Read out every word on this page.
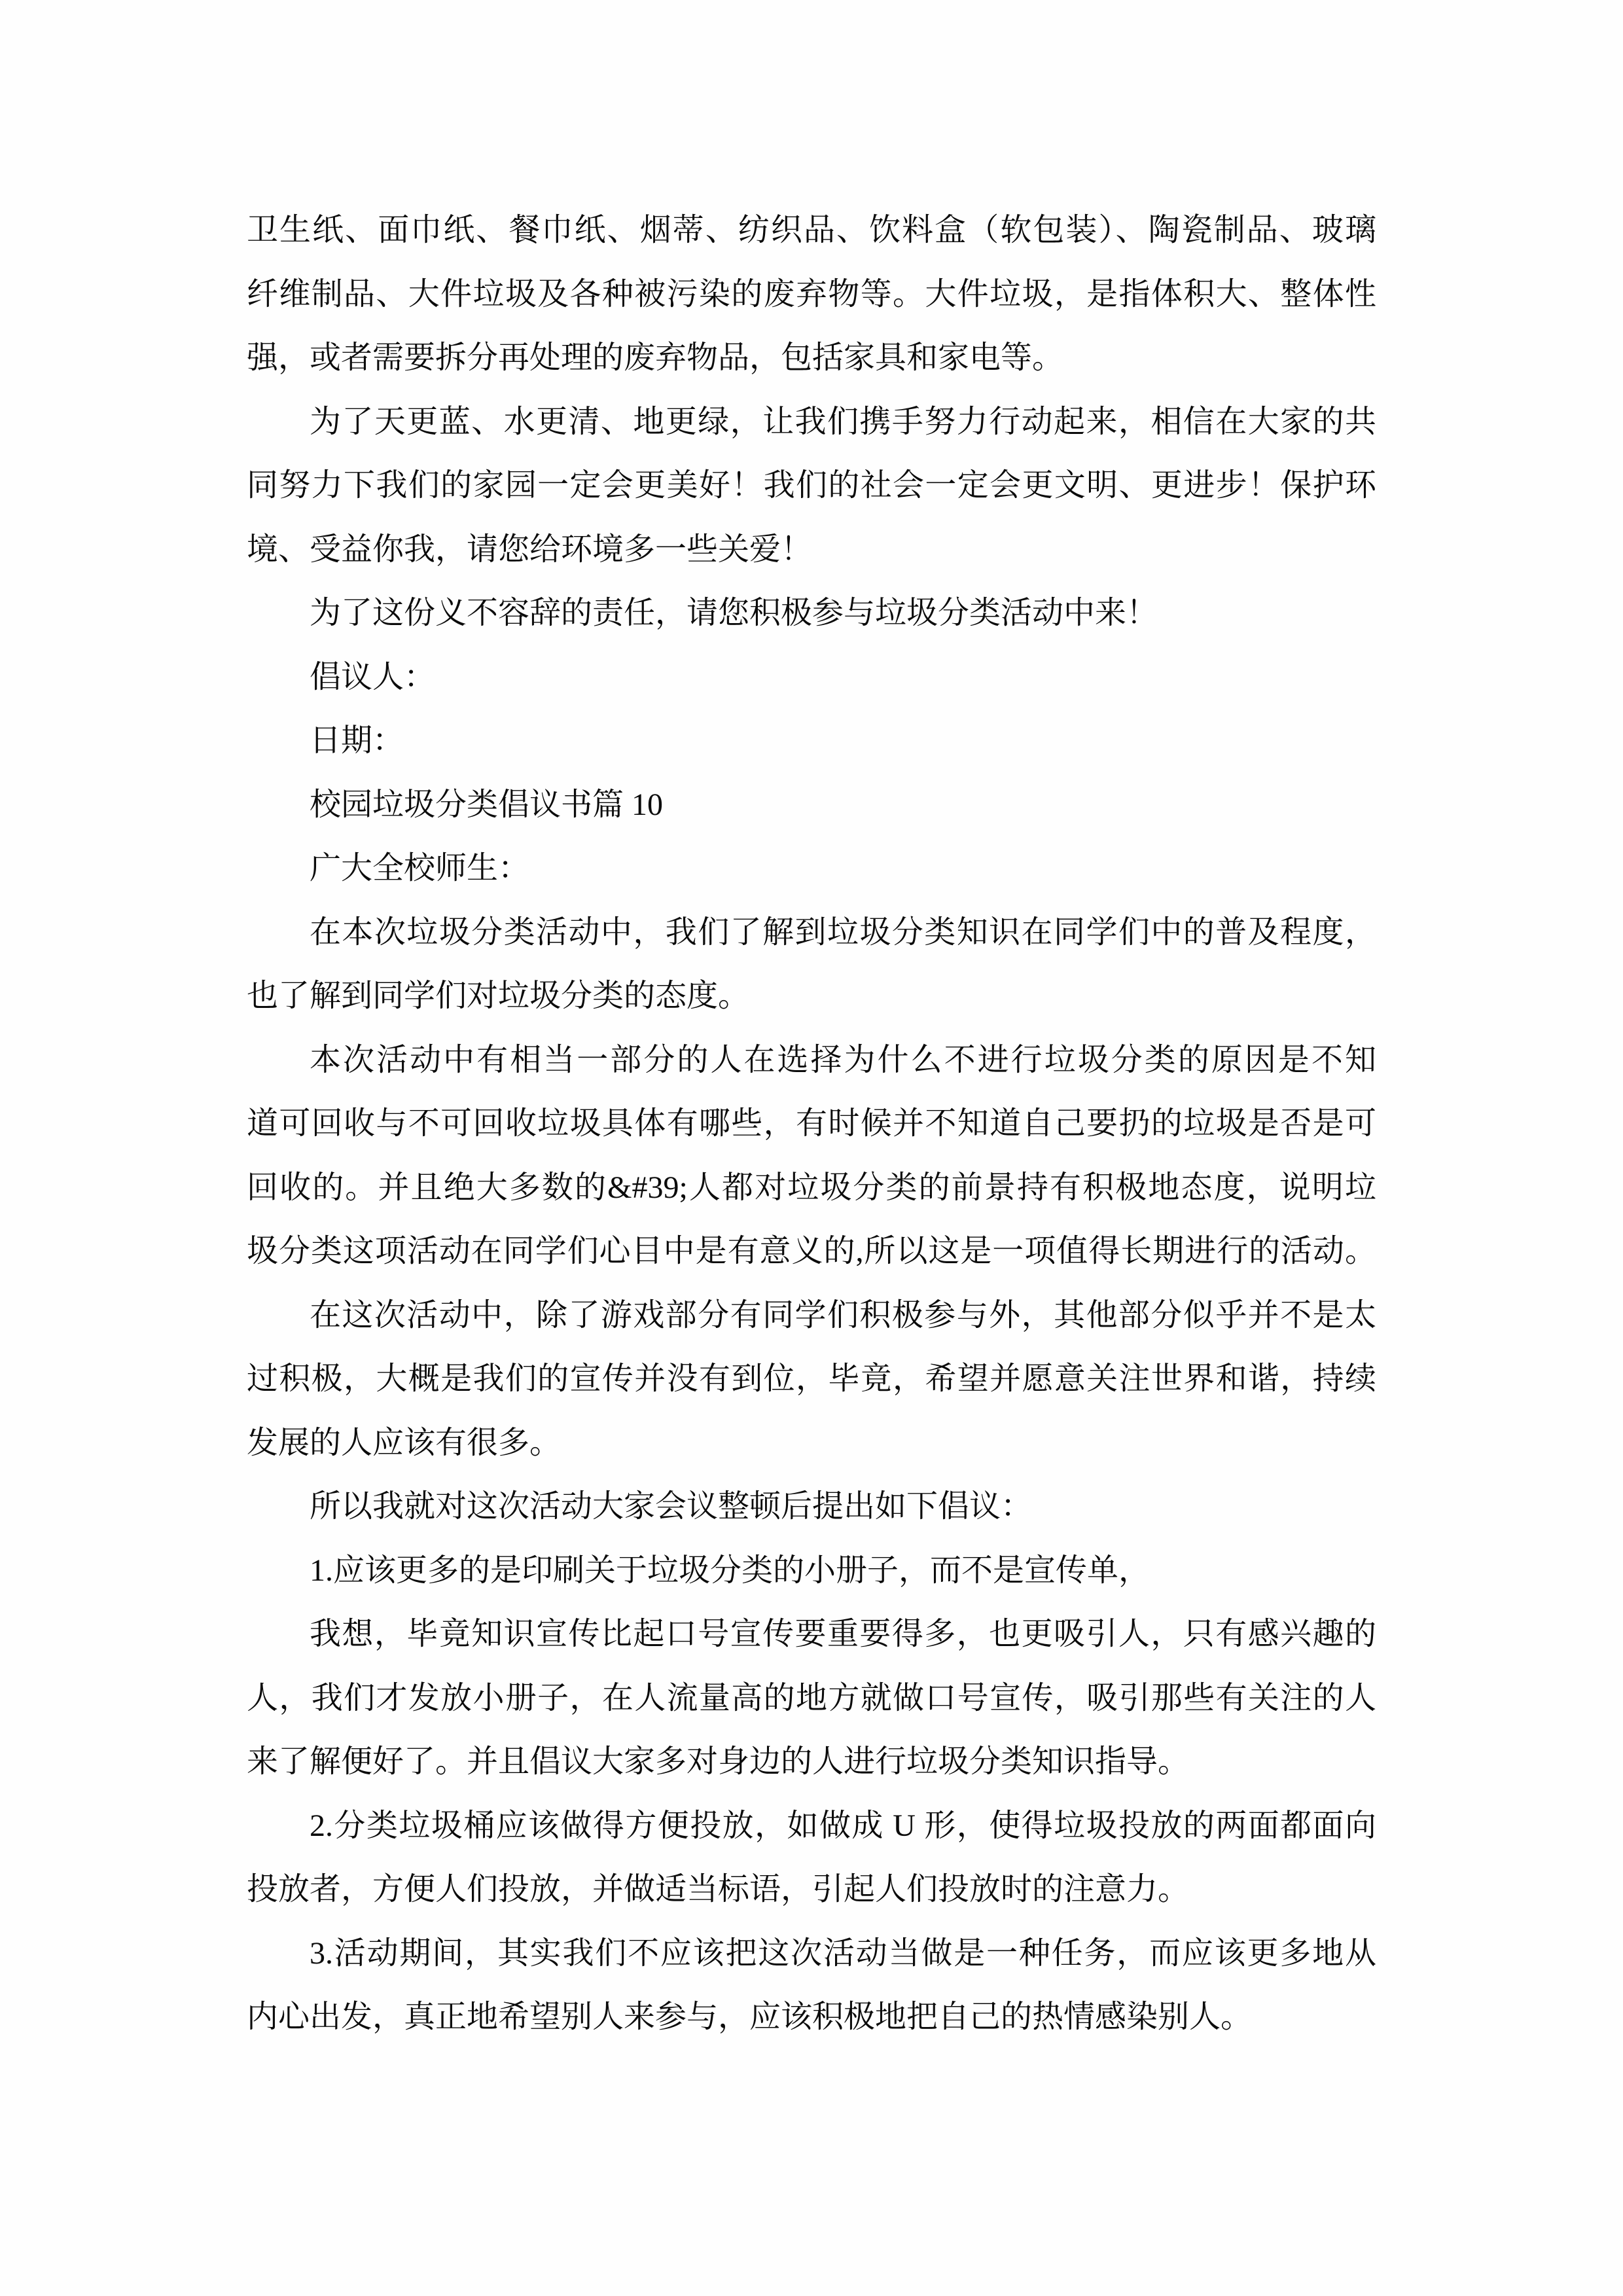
卫生纸、面巾纸、餐巾纸、烟蒂、纺织品、饮料盒（软包装）、陶瓷制品、玻璃
纤维制品、大件垃圾及各种被污染的废弃物等。大件垃圾，是指体积大、整体性
强，或者需要拆分再处理的废弃物品，包括家具和家电等。
为了天更蓝、水更清、地更绿，让我们携手努力行动起来，相信在大家的共
同努力下我们的家园一定会更美好！我们的社会一定会更文明、更进步！保护环
境、受益你我，请您给环境多一些关爱！
为了这份义不容辞的责任，请您积极参与垃圾分类活动中来！
倡议人：
日期：
校园垃圾分类倡议书篇 10
广大全校师生：
在本次垃圾分类活动中，我们了解到垃圾分类知识在同学们中的普及程度，
也了解到同学们对垃圾分类的态度。
本次活动中有相当一部分的人在选择为什么不进行垃圾分类的原因是不知
道可回收与不可回收垃圾具体有哪些，有时候并不知道自己要扔的垃圾是否是可
回收的。并且绝大多数的&#39;人都对垃圾分类的前景持有积极地态度，说明垃
圾分类这项活动在同学们心目中是有意义的,所以这是一项值得长期进行的活动。
在这次活动中，除了游戏部分有同学们积极参与外，其他部分似乎并不是太
过积极，大概是我们的宣传并没有到位，毕竟，希望并愿意关注世界和谐，持续
发展的人应该有很多。
所以我就对这次活动大家会议整顿后提出如下倡议：
1.应该更多的是印刷关于垃圾分类的小册子，而不是宣传单，
我想，毕竟知识宣传比起口号宣传要重要得多，也更吸引人，只有感兴趣的
人，我们才发放小册子，在人流量高的地方就做口号宣传，吸引那些有关注的人
来了解便好了。并且倡议大家多对身边的人进行垃圾分类知识指导。
2.分类垃圾桶应该做得方便投放，如做成 U 形，使得垃圾投放的两面都面向
投放者，方便人们投放，并做适当标语，引起人们投放时的注意力。
3.活动期间，其实我们不应该把这次活动当做是一种任务，而应该更多地从
内心出发，真正地希望别人来参与，应该积极地把自己的热情感染别人。
